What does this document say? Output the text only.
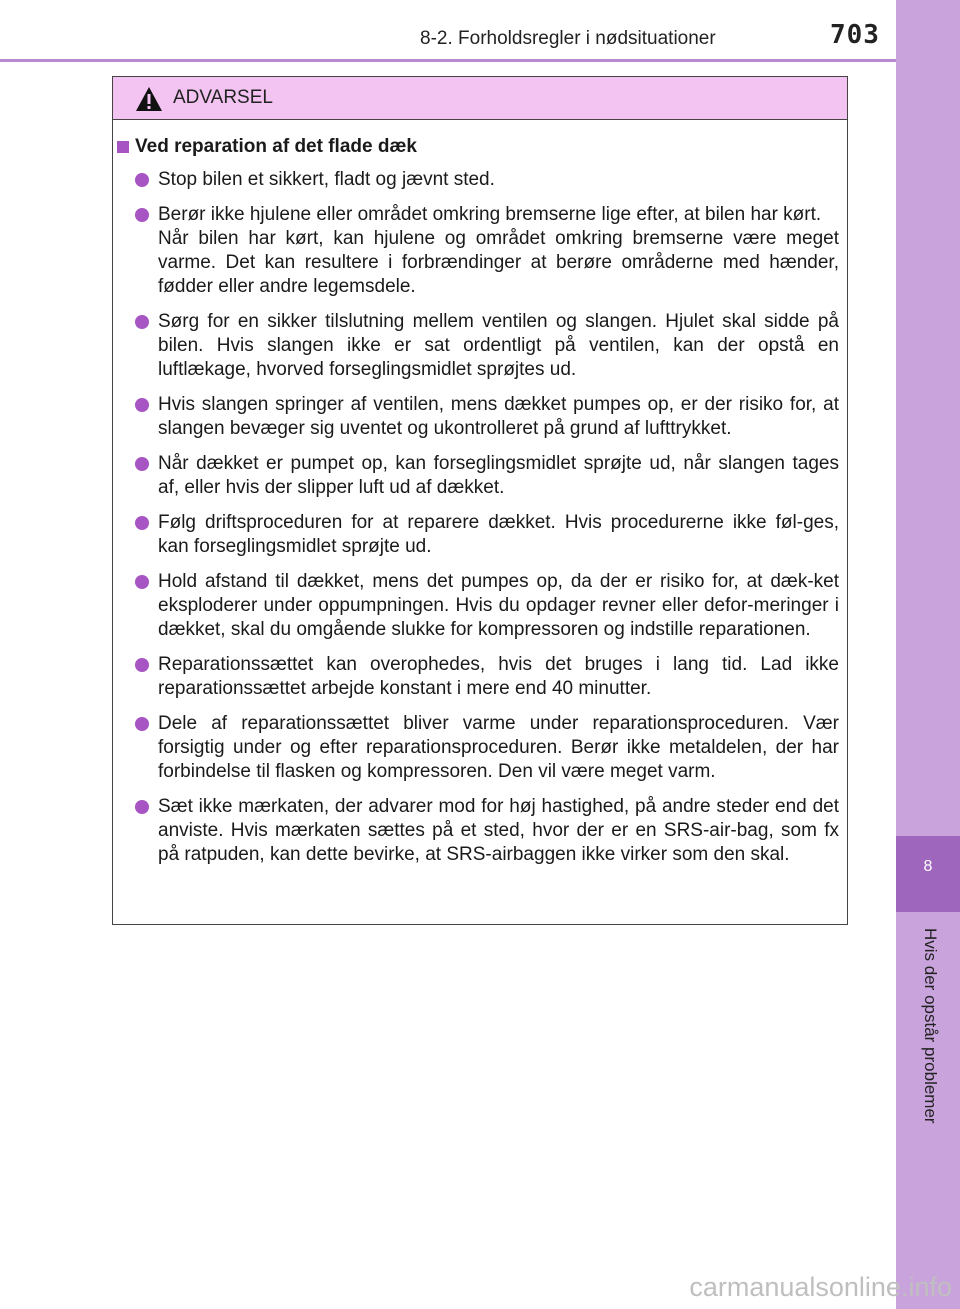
8-2. Forholdsregler i nødsituationer	703
8
Hvis der opstår problemer
ADVARSEL
Ved reparation af det flade dæk
Stop bilen et sikkert, fladt og jævnt sted.
Berør ikke hjulene eller området omkring bremserne lige efter, at bilen har kørt.
Når bilen har kørt, kan hjulene og området omkring bremserne være meget varme. Det kan resultere i forbrændinger at berøre områderne med hænder, fødder eller andre legemsdele.
Sørg for en sikker tilslutning mellem ventilen og slangen. Hjulet skal sidde på bilen. Hvis slangen ikke er sat ordentligt på ventilen, kan der opstå en luftlækage, hvorved forseglingsmidlet sprøjtes ud.
Hvis slangen springer af ventilen, mens dækket pumpes op, er der risiko for, at slangen bevæger sig uventet og ukontrolleret på grund af lufttrykket.
Når dækket er pumpet op, kan forseglingsmidlet sprøjte ud, når slangen tages af, eller hvis der slipper luft ud af dækket.
Følg driftsproceduren for at reparere dækket. Hvis procedurerne ikke føl-ges, kan forseglingsmidlet sprøjte ud.
Hold afstand til dækket, mens det pumpes op, da der er risiko for, at dæk-ket eksploderer under oppumpningen. Hvis du opdager revner eller defor-meringer i dækket, skal du omgående slukke for kompressoren og indstille reparationen.
Reparationssættet kan overophedes, hvis det bruges i lang tid. Lad ikke reparationssættet arbejde konstant i mere end 40 minutter.
Dele af reparationssættet bliver varme under reparationsproceduren. Vær forsigtig under og efter reparationsproceduren. Berør ikke metaldelen, der har forbindelse til flasken og kompressoren. Den vil være meget varm.
Sæt ikke mærkaten, der advarer mod for høj hastighed, på andre steder end det anviste. Hvis mærkaten sættes på et sted, hvor der er en SRS-air-bag, som fx på ratpuden, kan dette bevirke, at SRS-airbaggen ikke virker som den skal.
carmanualsonline.info
